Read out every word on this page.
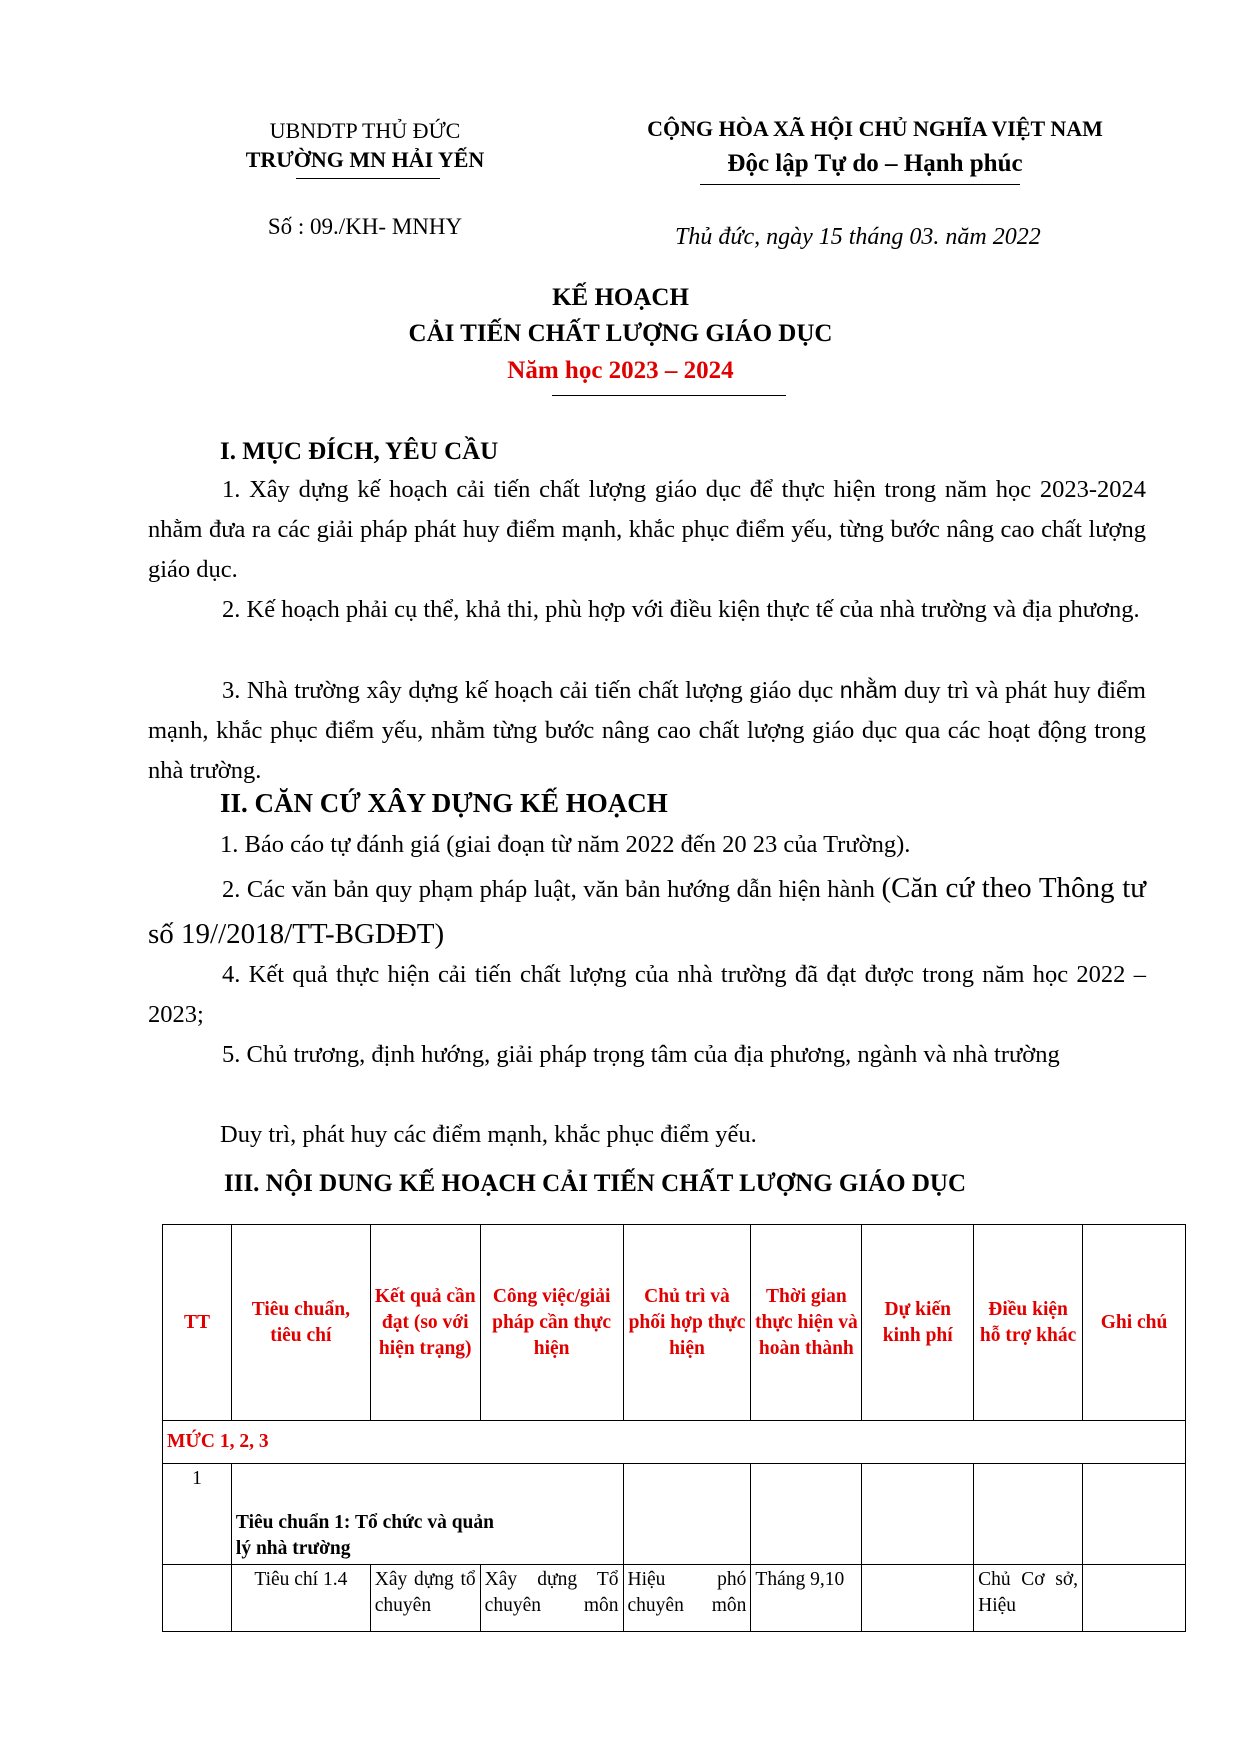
UBNDTP THỦ ĐỨC
TRƯỜNG MN HẢI YẾN
Số : 09./KH- MNHY
CỘNG HÒA XÃ HỘI CHỦ NGHĨA VIỆT NAM
Độc lập Tự do – Hạnh phúc
Thủ đức, ngày 15 tháng 03. năm 2022
KẾ HOẠCH
CẢI TIẾN CHẤT LƯỢNG GIÁO DỤC
Năm học 2023 – 2024
I. MỤC ĐÍCH, YÊU CẦU
1. Xây dựng kế hoạch cải tiến chất lượng giáo dục để thực hiện trong năm học 2023-2024 nhằm đưa ra các giải pháp phát huy điểm mạnh, khắc phục điểm yếu, từng bước nâng cao chất lượng giáo dục.
2. Kế hoạch phải cụ thể, khả thi, phù hợp với điều kiện thực tế của nhà trường và địa phương.
3. Nhà trường xây dựng kế hoạch cải tiến chất lượng giáo dục nhằm duy trì và phát huy điểm mạnh, khắc phục điểm yếu, nhằm từng bước nâng cao chất lượng giáo dục qua các hoạt động trong nhà trường.
II. CĂN CỨ XÂY DỰNG KẾ HOẠCH
1. Báo cáo tự đánh giá (giai đoạn từ năm 2022 đến 20 23 của Trường).
2. Các văn bản quy phạm pháp luật, văn bản hướng dẫn hiện hành (Căn cứ theo Thông tư số 19//2018/TT-BGDĐT)
4. Kết quả thực hiện cải tiến chất lượng của nhà trường đã đạt được trong năm học 2022 – 2023;
5. Chủ trương, định hướng, giải pháp trọng tâm của địa phương, ngành và nhà trường
Duy trì, phát huy các điểm mạnh, khắc phục điểm yếu.
III. NỘI DUNG KẾ HOẠCH CẢI TIẾN CHẤT LƯỢNG GIÁO DỤC
TT	Tiêu chuẩn, tiêu chí	Kết quả cần đạt (so với hiện trạng)	Công việc/giải pháp cần thực hiện	Chủ trì và phối hợp thực hiện	Thời gian thực hiện và hoàn thành	Dự kiến kinh phí	Điều kiện hỗ trợ khác	Ghi chú
MỨC 1, 2, 3								
1	Tiêu chuẩn 1: Tổ chức và quản lý nhà trường							
	Tiêu chí 1.4	Xây dựng tổ chuyên	Xây dựng Tổ chuyên môn	Hiệu phó chuyên môn	Tháng 9,10		Chủ Cơ sở, Hiệu	
